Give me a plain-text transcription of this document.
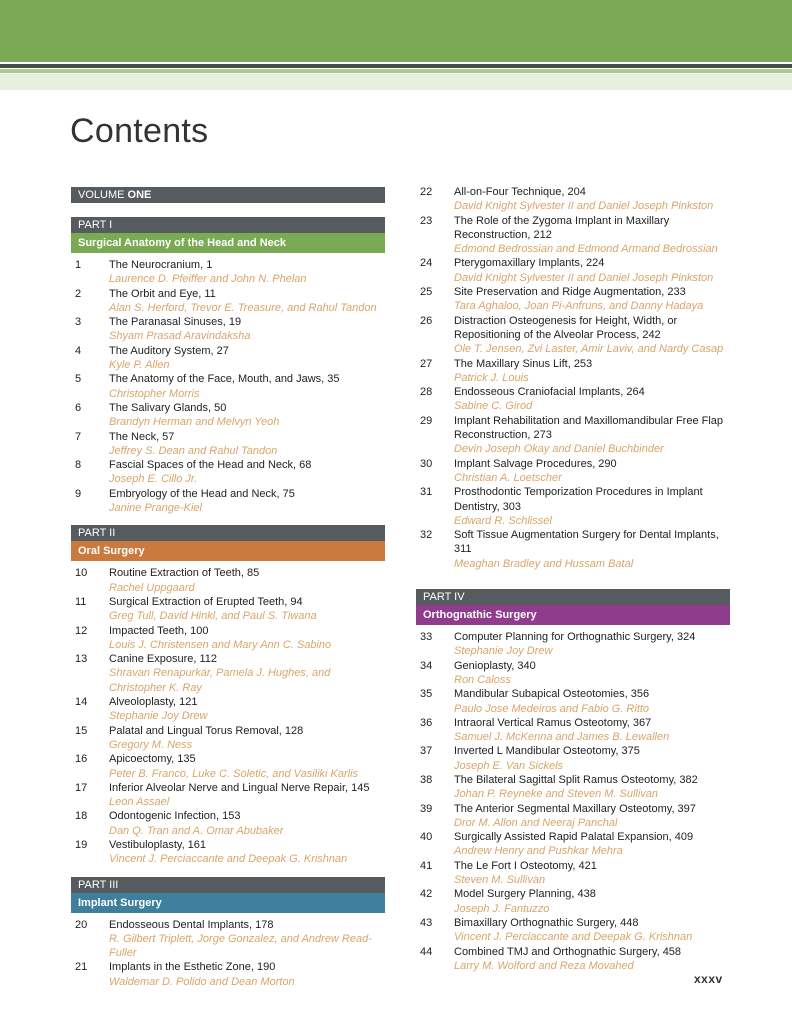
Contents
VOLUME ONE
PART I
Surgical Anatomy of the Head and Neck
1	The Neurocranium, 1
Laurence D. Pfeiffer and John N. Phelan
2	The Orbit and Eye, 11
Alan S. Herford, Trevor E. Treasure, and Rahul Tandon
3	The Paranasal Sinuses, 19
Shyam Prasad Aravindaksha
4	The Auditory System, 27
Kyle P. Allen
5	The Anatomy of the Face, Mouth, and Jaws, 35
Christopher Morris
6	The Salivary Glands, 50
Brandyn Herman and Melvyn Yeoh
7	The Neck, 57
Jeffrey S. Dean and Rahul Tandon
8	Fascial Spaces of the Head and Neck, 68
Joseph E. Cillo Jr.
9	Embryology of the Head and Neck, 75
Janine Prange-Kiel
PART II
Oral Surgery
10	Routine Extraction of Teeth, 85
Rachel Uppgaard
11	Surgical Extraction of Erupted Teeth, 94
Greg Tull, David Hinkl, and Paul S. Tiwana
12	Impacted Teeth, 100
Louis J. Christensen and Mary Ann C. Sabino
13	Canine Exposure, 112
Shravan Renapurkar, Pamela J. Hughes, and Christopher K. Ray
14	Alveoloplasty, 121
Stephanie Joy Drew
15	Palatal and Lingual Torus Removal, 128
Gregory M. Ness
16	Apicoectomy, 135
Peter B. Franco, Luke C. Soletic, and Vasiliki Karlis
17	Inferior Alveolar Nerve and Lingual Nerve Repair, 145
Leon Assael
18	Odontogenic Infection, 153
Dan Q. Tran and A. Omar Abubaker
19	Vestibuloplasty, 161
Vincent J. Perciaccante and Deepak G. Krishnan
PART III
Implant Surgery
20	Endosseous Dental Implants, 178
R. Gilbert Triplett, Jorge Gonzalez, and Andrew Read-Fuller
21	Implants in the Esthetic Zone, 190
Waldemar D. Polido and Dean Morton
22	All-on-Four Technique, 204
David Knight Sylvester II and Daniel Joseph Pinkston
23	The Role of the Zygoma Implant in Maxillary Reconstruction, 212
Edmond Bedrossian and Edmond Armand Bedrossian
24	Pterygomaxillary Implants, 224
David Knight Sylvester II and Daniel Joseph Pinkston
25	Site Preservation and Ridge Augmentation, 233
Tara Aghaloo, Joan Pi-Anfruns, and Danny Hadaya
26	Distraction Osteogenesis for Height, Width, or Repositioning of the Alveolar Process, 242
Ole T. Jensen, Zvi Laster, Amir Laviv, and Nardy Casap
27	The Maxillary Sinus Lift, 253
Patrick J. Louis
28	Endosseous Craniofacial Implants, 264
Sabine C. Girod
29	Implant Rehabilitation and Maxillomandibular Free Flap Reconstruction, 273
Devin Joseph Okay and Daniel Buchbinder
30	Implant Salvage Procedures, 290
Christian A. Loetscher
31	Prosthodontic Temporization Procedures in Implant Dentistry, 303
Edward R. Schlissel
32	Soft Tissue Augmentation Surgery for Dental Implants, 311
Meaghan Bradley and Hussam Batal
PART IV
Orthognathic Surgery
33	Computer Planning for Orthognathic Surgery, 324
Stephanie Joy Drew
34	Genioplasty, 340
Ron Caloss
35	Mandibular Subapical Osteotomies, 356
Paulo Jose Medeiros and Fabio G. Ritto
36	Intraoral Vertical Ramus Osteotomy, 367
Samuel J. McKenna and James B. Lewallen
37	Inverted L Mandibular Osteotomy, 375
Joseph E. Van Sickels
38	The Bilateral Sagittal Split Ramus Osteotomy, 382
Johan P. Reyneke and Steven M. Sullivan
39	The Anterior Segmental Maxillary Osteotomy, 397
Dror M. Allon and Neeraj Panchal
40	Surgically Assisted Rapid Palatal Expansion, 409
Andrew Henry and Pushkar Mehra
41	The Le Fort I Osteotomy, 421
Steven M. Sullivan
42	Model Surgery Planning, 438
Joseph J. Fantuzzo
43	Bimaxillary Orthognathic Surgery, 448
Vincent J. Perciaccante and Deepak G. Krishnan
44	Combined TMJ and Orthognathic Surgery, 458
Larry M. Wolford and Reza Movahed
xxxv
